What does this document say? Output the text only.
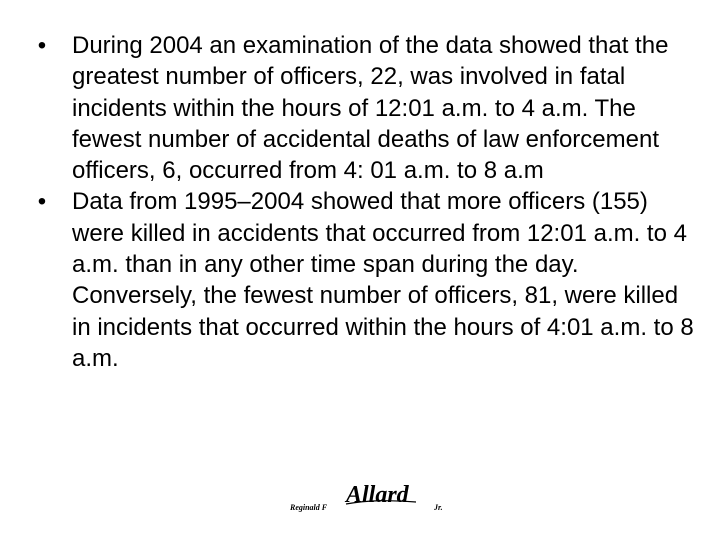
• During 2004 an examination of the data showed that the greatest number of officers, 22, was involved in fatal incidents within the hours of 12:01 a.m. to 4 a.m. The fewest number of accidental deaths of law enforcement officers, 6, occurred from 4: 01 a.m. to 8 a.m
• Data from 1995–2004 showed that more officers (155) were killed in accidents that occurred from 12:01 a.m. to 4 a.m. than in any other time span during the day. Conversely, the fewest number of officers, 81, were killed in incidents that occurred within the hours of 4:01 a.m. to 8 a.m.
Reginald F Allard	Jr.
